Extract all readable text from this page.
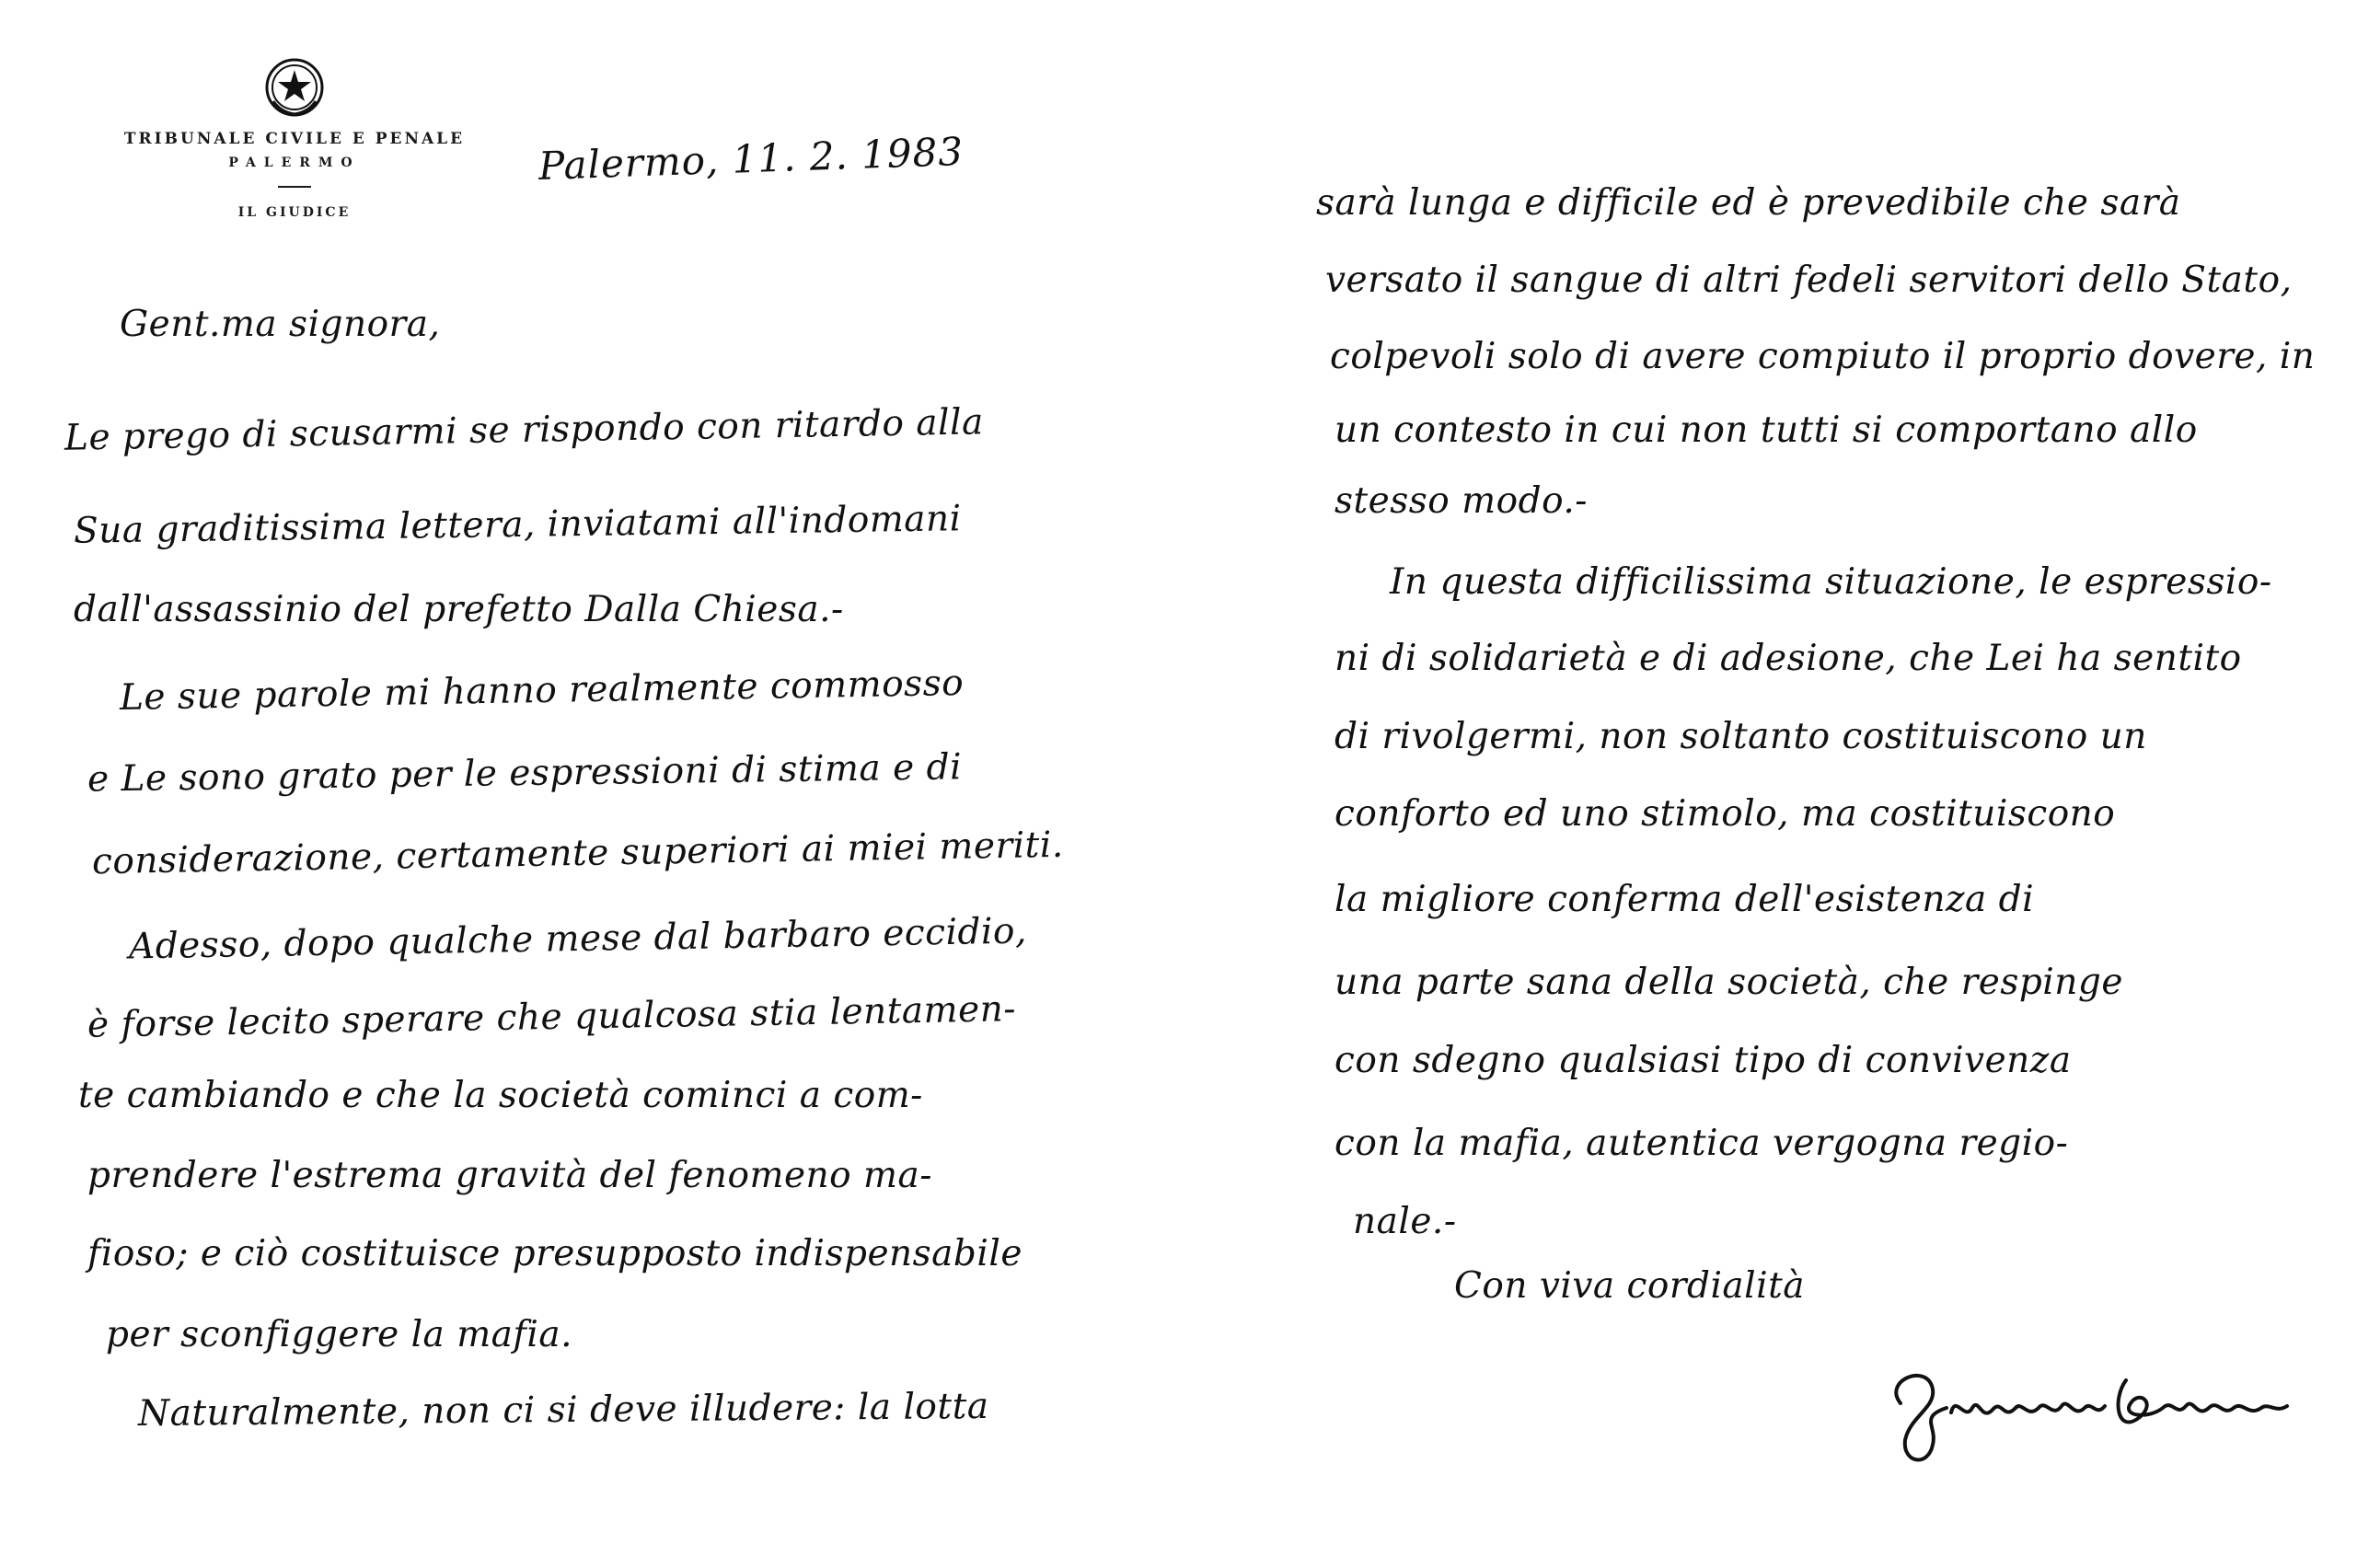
TRIBUNALE CIVILE E PENALE
PALERMO
IL GIUDICE
Palermo, 11. 2. 1983
Gent.ma signora,
Le prego di scusarmi se rispondo con ritardo alla
Sua graditissima lettera, inviatami all'indomani
dall'assassinio del prefetto Dalla Chiesa.-
Le sue parole mi hanno realmente commosso
e Le sono grato per le espressioni di stima e di
considerazione, certamente superiori ai miei meriti.
Adesso, dopo qualche mese dal barbaro eccidio,
è forse lecito sperare che qualcosa stia lentamen-
te cambiando e che la società cominci a com-
prendere l'estrema gravità del fenomeno ma-
fioso; e ciò costituisce presupposto indispensabile
per sconfiggere la mafia.
Naturalmente, non ci si deve illudere: la lotta
sarà lunga e difficile ed è prevedibile che sarà
versato il sangue di altri fedeli servitori dello Stato,
colpevoli solo di avere compiuto il proprio dovere, in
un contesto in cui non tutti si comportano allo
stesso modo.-
In questa difficilissima situazione, le espressio-
ni di solidarietà e di adesione, che Lei ha sentito
di rivolgermi, non soltanto costituiscono un
conforto ed uno stimolo, ma costituiscono
la migliore conferma dell'esistenza di
una parte sana della società, che respinge
con sdegno qualsiasi tipo di convivenza
con la mafia, autentica vergogna regio-
nale.-
Con viva cordialità
